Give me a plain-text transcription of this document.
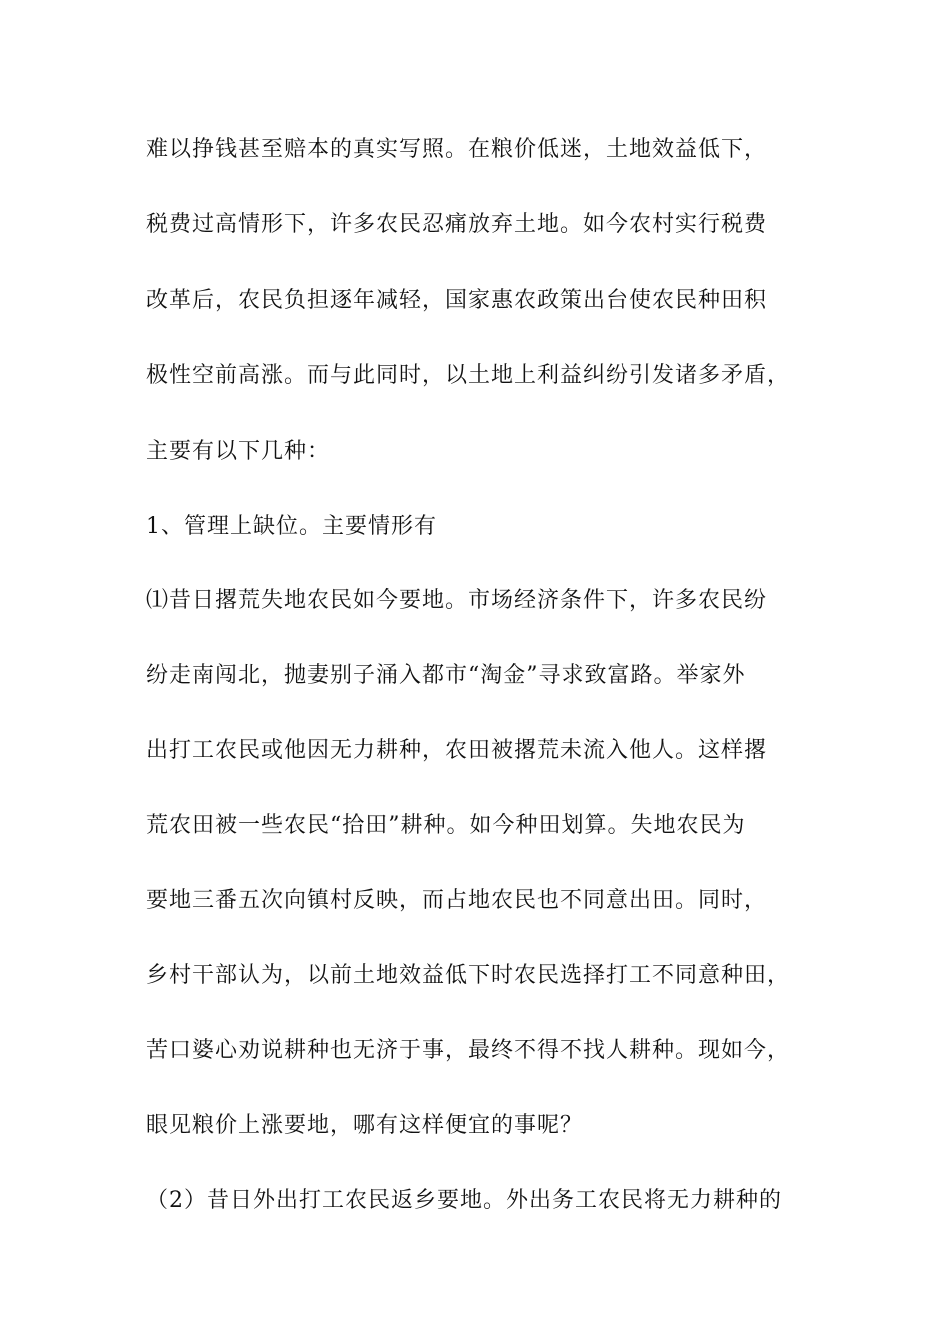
难以挣钱甚至赔本的真实写照。在粮价低迷，土地效益低下，
税费过高情形下，许多农民忍痛放弃土地。如今农村实行税费
改革后，农民负担逐年减轻，国家惠农政策出台使农民种田积
极性空前高涨。而与此同时，以土地上利益纠纷引发诸多矛盾，
主要有以下几种：
1、管理上缺位。主要情形有
⑴昔日撂荒失地农民如今要地。市场经济条件下，许多农民纷
纷走南闯北，抛妻别子涌入都市“淘金”寻求致富路。举家外
出打工农民或他因无力耕种，农田被撂荒未流入他人。这样撂
荒农田被一些农民“拾田”耕种。如今种田划算。失地农民为
要地三番五次向镇村反映，而占地农民也不同意出田。同时，
乡村干部认为，以前土地效益低下时农民选择打工不同意种田，
苦口婆心劝说耕种也无济于事，最终不得不找人耕种。现如今，
眼见粮价上涨要地，哪有这样便宜的事呢？
（2）昔日外出打工农民返乡要地。外出务工农民将无力耕种的
